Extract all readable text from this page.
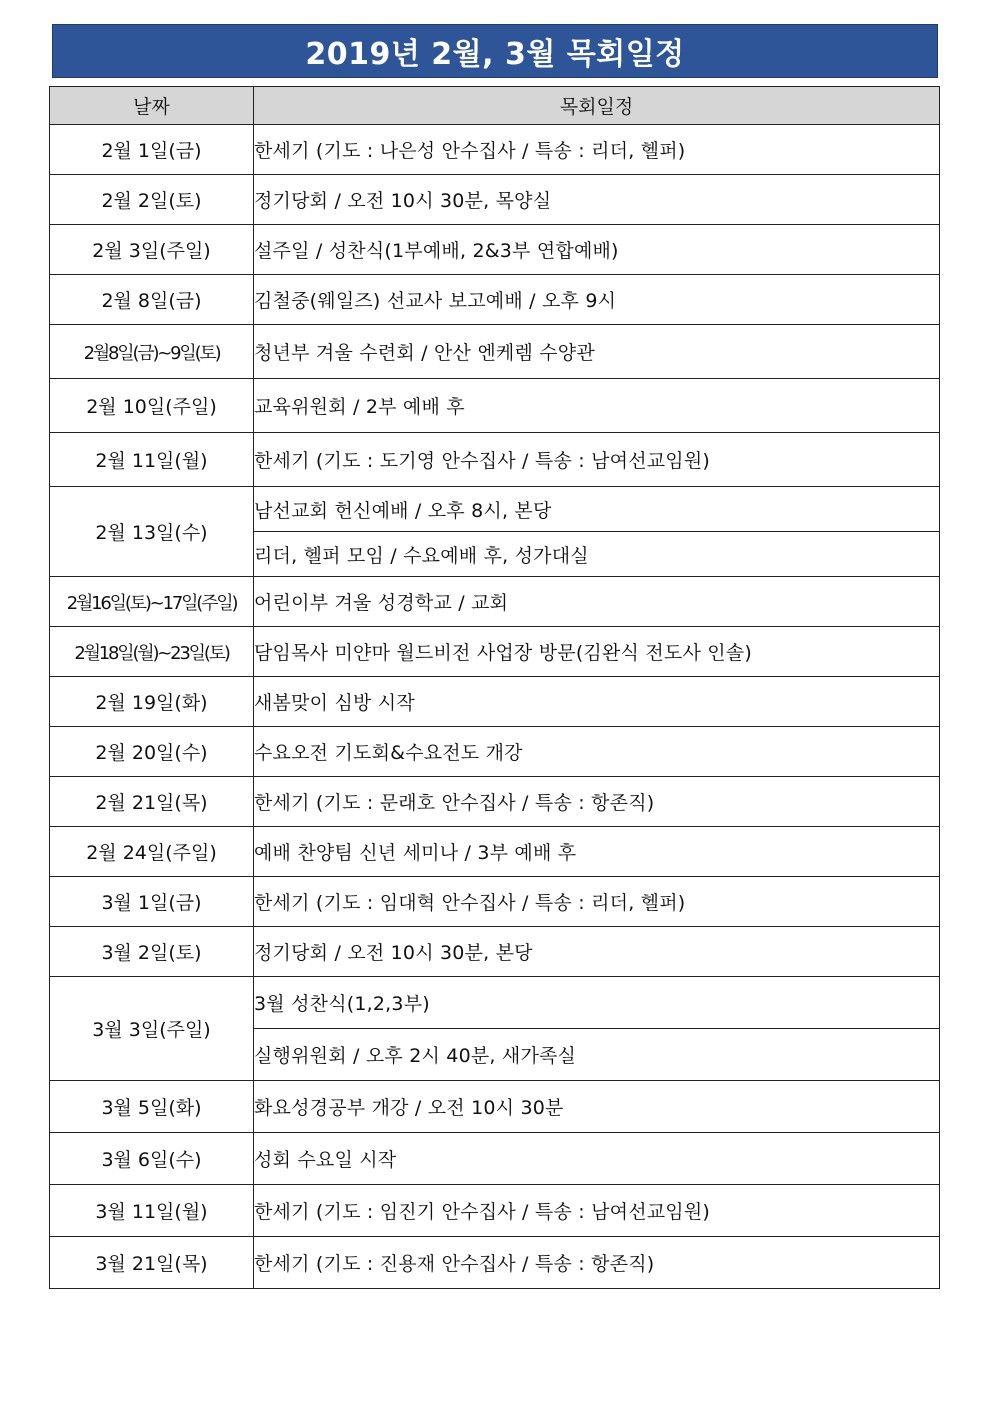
2019년 2월, 3월 목회일정
날짜	목회일정
2월 1일(금)	한세기 (기도 : 나은성 안수집사 / 특송 : 리더, 헬퍼)
2월 2일(토)	정기당회 / 오전 10시 30분, 목양실
2월 3일(주일)	설주일 / 성찬식(1부예배, 2&3부 연합예배)
2월 8일(금)	김철중(웨일즈) 선교사 보고예배 / 오후 9시
2월8일(금)~9일(토)	청년부 겨울 수련회 / 안산 엔케렘 수양관
2월 10일(주일)	교육위원회 / 2부 예배 후
2월 11일(월)	한세기 (기도 : 도기영 안수집사 / 특송 : 남여선교임원)
2월 13일(수)	남선교회 헌신예배 / 오후 8시, 본당
	리더, 헬퍼 모임 / 수요예배 후, 성가대실
2월16일(토)~17일(주일)	어린이부 겨울 성경학교 / 교회
2월18일(월)~23일(토)	담임목사 미얀마 월드비전 사업장 방문(김완식 전도사 인솔)
2월 19일(화)	새봄맞이 심방 시작
2월 20일(수)	수요오전 기도회&수요전도 개강
2월 21일(목)	한세기 (기도 : 문래호 안수집사 / 특송 : 항존직)
2월 24일(주일)	예배 찬양팀 신년 세미나 / 3부 예배 후
3월 1일(금)	한세기 (기도 : 임대혁 안수집사 / 특송 : 리더, 헬퍼)
3월 2일(토)	정기당회 / 오전 10시 30분, 본당
3월 3일(주일)	3월 성찬식(1,2,3부)
	실행위원회 / 오후 2시 40분, 새가족실
3월 5일(화)	화요성경공부 개강 / 오전 10시 30분
3월 6일(수)	성회 수요일 시작
3월 11일(월)	한세기 (기도 : 임진기 안수집사 / 특송 : 남여선교임원)
3월 21일(목)	한세기 (기도 : 진용재 안수집사 / 특송 : 항존직)
